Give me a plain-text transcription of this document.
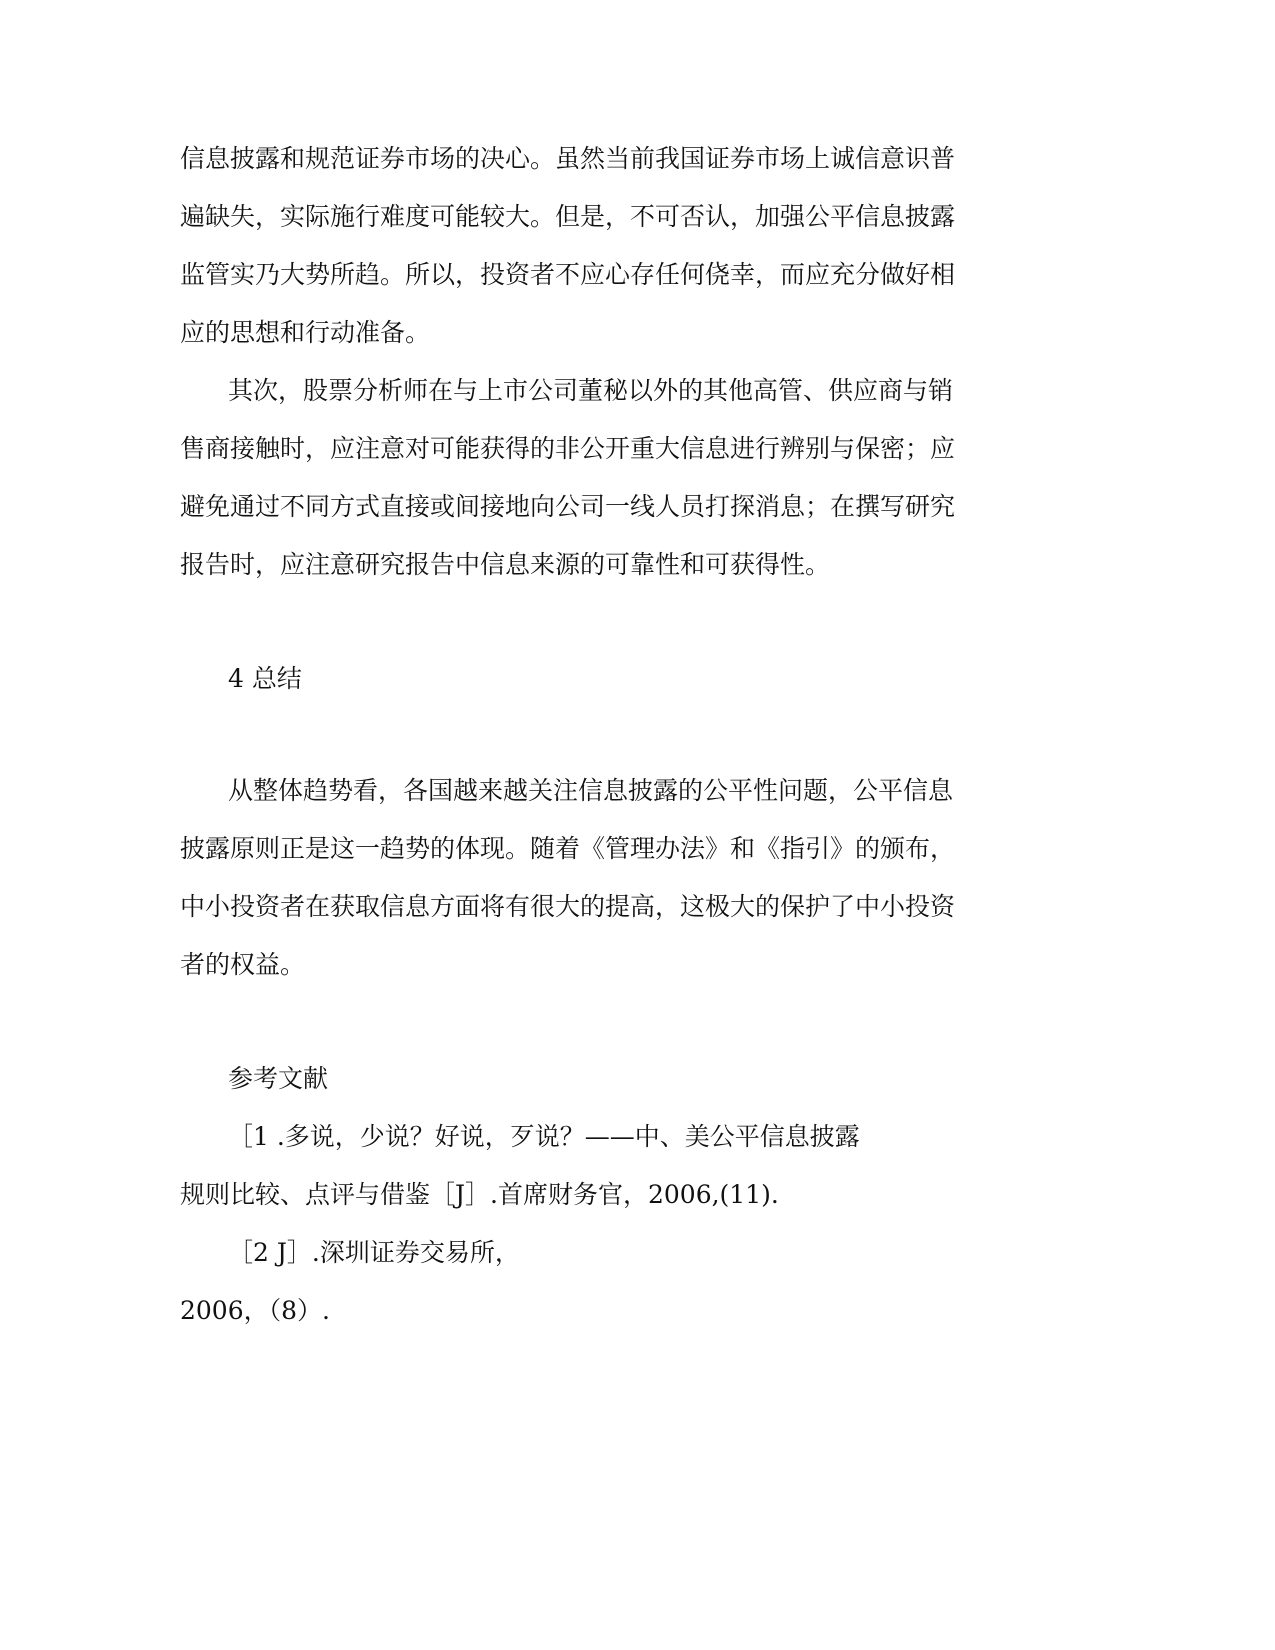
信息披露和规范证券市场的决心。虽然当前我国证券市场上诚信意识普
遍缺失，实际施行难度可能较大。但是，不可否认，加强公平信息披露
监管实乃大势所趋。所以，投资者不应心存任何侥幸，而应充分做好相
应的思想和行动准备。
其次，股票分析师在与上市公司董秘以外的其他高管、供应商与销
售商接触时，应注意对可能获得的非公开重大信息进行辨别与保密；应
避免通过不同方式直接或间接地向公司一线人员打探消息；在撰写研究
报告时，应注意研究报告中信息来源的可靠性和可获得性。
4 总结
从整体趋势看，各国越来越关注信息披露的公平性问题，公平信息
披露原则正是这一趋势的体现。随着《管理办法》和《指引》的颁布，
中小投资者在获取信息方面将有很大的提高，这极大的保护了中小投资
者的权益。
参考文献
［1 .多说，少说？好说，歹说？——中、美公平信息披露
规则比较、点评与借鉴［J］.首席财务官，2006,(11).
［2 J］.深圳证券交易所，
2006，（8）.
